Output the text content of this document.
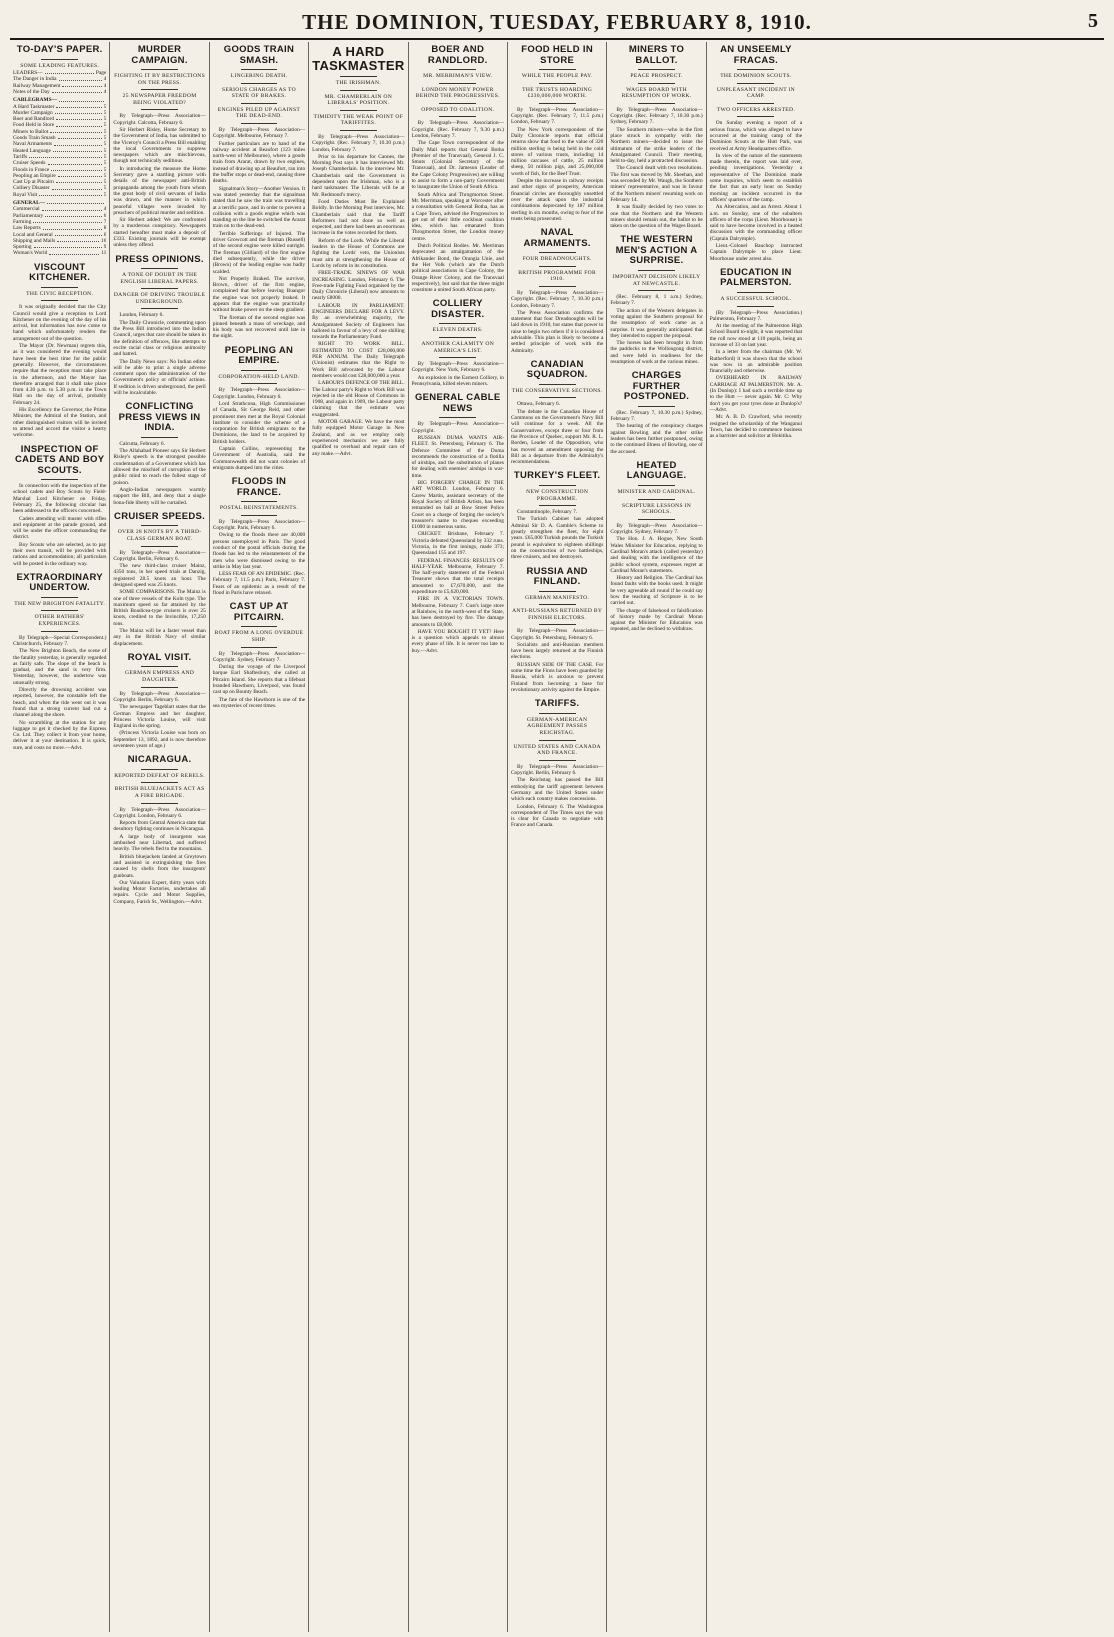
THE DOMINION, TUESDAY, FEBRUARY 8, 1910.	5
TO-DAY'S PAPER.
SOME LEADING FEATURES.
LEADERS—	Page
The Danger in India	4
Railway Management	4
Notes of the Day	4
CABLEGRAMS—
A Hard Taskmaster	5
Murder Campaign	5
Boer and Randlord	5
Food Held in Store	5
Miners to Ballot	5
Goods Train Smash	5
Naval Armaments	5
Heated Language	5
Tariffs	5
Cruiser Speeds	5
Floods in France	5
Peopling an Empire	5
Cast Up at Pitcairn	5
Colliery Disaster	5
Royal Visit	5
GENERAL—
Commercial	4
Parliamentary	6
Farming	7
Law Reports	8
Local and General	6
Shipping and Mails	10
Sporting	9
Woman's World	11
VISCOUNT KITCHENER.
THE CIVIC RECEPTION.

It was originally decided that the City Council would give a reception to Lord Kitchener on the evening of the day of his arrival, but information has now come to hand which unfortunately renders the arrangement out of the question.

The Mayor (Dr. Newman) regrets this, as it was considered the evening would have been the best time for the public generally. However, the circumstances require that the reception must take place in the afternoon, and the Mayor has therefore arranged that it shall take place from 4.30 p.m. to 5.30 p.m. in the Town Hall on the day of arrival, probably February 24.

His Excellency the Governor, the Prime Minister, the Admiral of the Station, and other distinguished visitors will be invited to attend and accord the visitor a hearty welcome.

INSPECTION OF CADETS AND BOY SCOUTS.

In connection with the inspection of the school cadets and Boy Scouts by Field-Marshal Lord Kitchener on Friday, February 25, the following circular has been addressed to the officers concerned.

Cadets attending will muster with rifles and equipment at the parade ground, and will be under the officer commanding the district.

Boy Scouts who are selected, as to pay their own transit, will be provided with rations and accommodation; all particulars will be posted in the ordinary way.

EXTRAORDINARY UNDERTOW.
THE NEW BRIGHTON FATALITY.
OTHER BATHERS' EXPERIENCES.

By Telegraph—Special Correspondent.) Christchurch, February 7.

The New Brighton Beach, the scene of the fatality yesterday, is generally regarded as fairly safe. The slope of the beach is gradual, and the sand is very firm. Yesterday, however, the undertow was unusually strong.

Directly the drowning accident was reported, however, the constable left the beach, and when the tide went out it was found that a strong current had cut a channel along the shore.

No scrambling at the station for any luggage to get it checked by the Express Co. Ltd. They collect it from your home, deliver it at your destination. It is quick, sure, and costs no more.—Advt.

MURDER CAMPAIGN.
FIGHTING IT BY RESTRICTIONS ON THE PRESS.
25 NEWSPAPER FREEDOM BEING VIOLATED?

By Telegraph—Press Association—Copyright. Calcutta, February 6.

Sir Herbert Risley, Home Secretary to the Government of India, has submitted to the Viceroy's Council a Press Bill enabling the local Governments to suppress newspapers which are mischievous, though not technically seditious.

In introducing the measure the Home Secretary gave a startling picture with details of the newspaper anti-British propaganda among the youth from whom the great body of civil servants of India was drawn, and the manner in which peaceful villages were invaded by preachers of political murder and sedition.

Sir Herbert added: We are confronted by a murderous conspiracy. Newspapers started hereafter must make a deposit of £333. Existing journals will be exempt unless they offend.

PRESS OPINIONS.
A TONE OF DOUBT IN THE ENGLISH LIBERAL PAPERS.
DANGER OF DRIVING TROUBLE UNDERGROUND.

London, February 6.

The Daily Chronicle, commenting upon the Press Bill introduced into the Indian Council, urges that care should be taken in the definition of offences, like attempts to excite racial class or religious animosity and hatred.

The Daily News says: No Indian editor will be able to print a single adverse comment upon the administration of the Government's policy or officials' actions. If sedition is driven underground, the peril will be incalculable.

CONFLICTING PRESS VIEWS IN INDIA.

Calcutta, February 6.

The Allahabad Pioneer says Sir Herbert Risley's speech is the strongest possible condemnation of a Government which has allowed the mischief of corruption of the public mind to reach the fullest stage of poison.

Anglo-Indian newspapers warmly support the Bill, and deny that a single bona-fide liberty will be curtailed.

CRUISER SPEEDS.
OVER 28 KNOTS BY A THIRD-CLASS GERMAN BOAT.

By Telegraph—Press Association—Copyright. Berlin, February 6.

The new third-class cruiser Mainz, 4350 tons, in her speed trials at Danzig, registered 28.5 knots an hour. The designed speed was 25 knots.

SOME COMPARISONS. The Mainz is one of three vessels of the Koln type. The maximum speed so far attained by the British Boadicea-type cruisers is over 25 knots, credited to the Invincible, 17,250 tons.

The Mainz will be a faster vessel than any in the British Navy of similar displacement.

ROYAL VISIT.
GERMAN EMPRESS AND DAUGHTER.

By Telegraph—Press Association—Copyright. Berlin, February 6.

The newspaper Tageblatt states that the German Empress and her daughter, Princess Victoria Louise, will visit England in the spring.

(Princess Victoria Louise was born on September 13, 1892, and is now therefore seventeen years of age.)

NICARAGUA.
REPORTED DEFEAT OF REBELS.
BRITISH BLUEJACKETS ACT AS A FIRE BRIGADE.

By Telegraph—Press Association—Copyright. London, February 6.

Reports from Central America state that desultory fighting continues in Nicaragua.

A large body of insurgents was ambushed near Libertad, and suffered heavily. The rebels fled to the mountains.

British bluejackets landed at Greytown and assisted in extinguishing the fires caused by shells from the insurgents' gunboats.

Our Valuation Expert, thirty years with leading Motor Factories, undertakes all repairs. Cycle and Motor Supplies, Company, Farish St., Wellington.—Advt.

GOODS TRAIN SMASH.
LINGERING DEATH.
SERIOUS CHARGES AS TO STATE OF BRAKES.
ENGINES PILED UP AGAINST THE DEAD-END.

By Telegraph—Press Association—Copyright. Melbourne, February 7.

Further particulars are to hand of the railway accident at Beaufort (123 miles north-west of Melbourne), where a goods train from Ararat, drawn by two engines, instead of drawing up at Beaufort, ran into the buffer stops or dead-end, causing three deaths.

Signalman's Story—Another Version. It was stated yesterday that the signalman stated that he saw the train was travelling at a terrific pace, and in order to prevent a collision with a goods engine which was standing on the line he switched the Ararat train on to the dead-end.

Terrible Sufferings of Injured. The driver Growcott and the fireman (Russell) of the second engine were killed outright. The fireman (Gilliard) of the first engine died subsequently, while the driver (Brown) of the leading engine was badly scalded.

Not Properly Braked. The survivor, Brown, driver of the first engine, complained that before leaving Buangor the engine was not properly braked. It appears that the engine was practically without brake power on the steep gradient.

The fireman of the second engine was pinned beneath a mass of wreckage, and his body was not recovered until late in the night.

PEOPLING AN EMPIRE.
CORPORATION-HELD LAND.

By Telegraph—Press Association—Copyright. London, February 6.

Lord Strathcona, High Commissioner of Canada, Sir George Reid, and other prominent men met at the Royal Colonial Institute to consider the scheme of a corporation for British emigrants to the Dominions, the land to be acquired by British holders.

Captain Collins, representing the Government of Australia, said the Commonwealth did not want colonies of emigrants dumped into the cities.

FLOODS IN FRANCE.
POSTAL REINSTATEMENTS.

By Telegraph—Press Association—Copyright. Paris, February 6.

Owing to the floods there are 40,000 persons unemployed in Paris. The good conduct of the postal officials during the floods has led to the reinstatement of the men who were dismissed owing to the strike in May last year.

LESS FEAR OF AN EPIDEMIC. (Rec. February 7, 11.5 p.m.) Paris, February 7. Fears of an epidemic as a result of the flood in Paris have relaxed.

CAST UP AT PITCAIRN.
BOAT FROM A LONG OVERDUE SHIP.

By Telegraph—Press Association—Copyright. Sydney, February 7.

During the voyage of the Liverpool barque Earl Shaftesbury, she called at Pitcairn Island. She reports that a lifeboat branded Hawthorn, Liverpool, was found cast up on Bounty Beach.

The fate of the Hawthorn is one of the sea mysteries of recent times.

A HARD TASKMASTER
THE IRISHMAN.
MR. CHAMBERLAIN ON LIBERALS' POSITION.
TIMIDITY THE WEAK POINT OF TARIFFITES.

By Telegraph—Press Association—Copyright. (Rec. February 7, 10.30 p.m.) London, February 7.

Prior to his departure for Cannes, the Morning Post says it has interviewed Mr. Joseph Chamberlain. In the interview Mr. Chamberlain said the Government is dependent upon the Irishman, who is a hard taskmaster. The Liberals will be at Mr. Redmond's mercy.

Food Duties Must Be Explained Boldly. In the Morning Post interview, Mr. Chamberlain said that the Tariff Reformers had not done so well as expected, and there had been an enormous increase in the votes recorded for them.

Reform of the Lords. While the Liberal leaders in the House of Commons are fighting the Lords' veto, the Unionists must aim at strengthening the House of Lords by reform in its constitution.

FREE-TRADE. SINEWS OF WAR INCREASING. London, February 6. The Free-trade Fighting Fund organised by the Daily Chronicle (Liberal) now amounts to nearly £8000.

LABOUR IN PARLIAMENT. ENGINEERS DECLARE FOR A LEVY. By an overwhelming majority, the Amalgamated Society of Engineers has balloted in favour of a levy of one shilling towards the Parliamentary Fund.

RIGHT TO WORK BILL. ESTIMATED TO COST £28,000,000 PER ANNUM. The Daily Telegraph (Unionist) estimates that the Right to Work Bill advocated by the Labour members would cost £28,000,000 a year.

LABOUR'S DEFENCE OF THE BILL. The Labour party's Right to Work Bill was rejected in the old House of Commons in 1908, and again in 1909, the Labour party claiming that the estimate was exaggerated.

MOTOR GARAGE. We have the most fully equipped Motor Garage in New Zealand, and as we employ only experienced mechanics we are fully qualified to overhaul and repair cars of any make.—Advt.

BOER AND RANDLORD.
MR. MERRIMAN'S VIEW.
LONDON MONEY POWER BEHIND THE PROGRESSIVES.
OPPOSED TO COALITION.

By Telegraph—Press Association—Copyright. (Rec. February 7, 9.30 p.m.) London, February 7.

The Cape Town correspondent of the Daily Mail reports that General Botha (Premier of the Transvaal), General J. C. Smuts (Colonial Secretary of the Transvaal), and Dr. Jameson (Leader of the Cape Colony Progressives) are willing to assist to form a non-party Government to inaugurate the Union of South Africa.

South Africa and Throgmorton Street. Mr. Merriman, speaking at Worcester after a consultation with General Botha, has as a Cape Town, advised the Progressives to get out of their little cockboat coalition idea, which has emanated from Throgmorton Street, the London money centre.

Dutch Political Bodies. Mr. Merriman deprecated an amalgamation of the Afrikander Bond, the Orangia Unie, and the Het Volk (which are the Dutch political associations in Cape Colony, the Orange River Colony, and the Transvaal respectively), but said that the three might constitute a united South African party.

COLLIERY DISASTER.
ELEVEN DEATHS.
ANOTHER CALAMITY ON AMERICA'S LIST.

By Telegraph—Press Association—Copyright. New York, February 6.

An explosion in the Earnest Colliery, in Pennsylvania, killed eleven miners.

GENERAL CABLE NEWS

By Telegraph—Press Association—Copyright.

RUSSIAN DUMA WANTS AIR-FLEET. St. Petersburg, February 6. The Defence Committee of the Duma recommends the construction of a flotilla of airships, and the substitution of planes for dealing with enemies' airships in war-time.

BIG FORGERY CHARGE IN THE ART WORLD. London, February 6. Carew Martin, assistant secretary of the Royal Society of British Artists, has been remanded on bail at Bow Street Police Court on a charge of forging the society's treasurer's name to cheques exceeding £1000 in numerous sums.

CRICKET. Brisbane, February 7. Victoria defeated Queensland by 332 runs. Victoria, in the first innings, made 373; Queensland 155 and 197.

FEDERAL FINANCES: RESULTS OF HALF-YEAR. Melbourne, February 7. The half-yearly statement of the Federal Treasurer shows that the total receipts amounted to £7,670,000, and the expenditure to £5,620,000.

FIRE IN A VICTORIAN TOWN. Melbourne, February 7. Cust's large store at Rainbow, in the north-west of the State, has been destroyed by fire. The damage amounts to £8,000.

HAVE YOU BOUGHT IT YET? Here is a question which appeals to almost every phase of life. It is never too late to buy.—Advt.

FOOD HELD IN STORE
WHILE THE PEOPLE PAY.
THE TRUSTS HOARDING £230,000,000 WORTH.

By Telegraph—Press Association—Copyright. (Rec. February 7, 11.5 p.m.) London, February 7.

The New York correspondent of the Daily Chronicle reports that official returns show that food to the value of 320 million sterling is being held in the cold stores of various trusts, including 14 million carcases of cattle, 25 million sheep, 50 million pigs, and 25,000,000 worth of fish, for the Beef Trust.

Despite the increase in railway receipts and other signs of prosperity, American financial circles are thoroughly unsettled over the attack upon the industrial combinations deprecated by 187 million sterling in six months, owing to fear of the trusts being prosecuted.

NAVAL ARMAMENTS.
FOUR DREADNOUGHTS.
BRITISH PROGRAMME FOR 1910.

By Telegraph—Press Association—Copyright. (Rec. February 7, 10.30 p.m.) London, February 7.

The Press Association confirms the statement that four Dreadnoughts will be laid down in 1910, but states that power to raise to begin two others if it is considered advisable. This plan is likely to become a settled principle of work with the Admiralty.

CANADIAN SQUADRON.
THE CONSERVATIVE SECTIONS.

Ottawa, February 6.

The debate in the Canadian House of Commons on the Government's Navy Bill will continue for a week. All the Conservatives, except three or four from the Province of Quebec, support Mr. R. L. Borden, Leader of the Opposition, who has moved an amendment opposing the Bill as a departure from the Admiralty's recommendations.

TURKEY'S FLEET.
NEW CONSTRUCTION PROGRAMME.

Constantinople, February 7.

The Turkish Cabinet has adopted Admiral Sir D. A. Gamble's Scheme to greatly strengthen the fleet, for eight years. £65,000 Turkish pounds the Turkish pound is equivalent to eighteen shillings on the construction of two battleships, three cruisers, and ten destroyers.

RUSSIA AND FINLAND.
GERMAN MANIFESTO.
ANTI-RUSSIANS RETURNED BY FINNISH ELECTORS.

By Telegraph—Press Association—Copyright. St. Petersburg, February 6.

Socialists and anti-Russian members have been largely returned at the Finnish elections.

RUSSIAN SIDE OF THE CASE. For some time the Finns have been guarded by Russia, which is anxious to prevent Finland from becoming a base for revolutionary activity against the Empire.

TARIFFS.
GERMAN-AMERICAN AGREEMENT PASSES REICHSTAG.
UNITED STATES AND CANADA AND FRANCE.

By Telegraph—Press Association—Copyright. Berlin, February 6.

The Reichstag has passed the Bill embodying the tariff agreement between Germany and the United States under which each country makes concessions.

London, February 6. The Washington correspondent of The Times says the way is clear for Canada to negotiate with France and Canada.

MINERS TO BALLOT.
PEACE PROSPECT.
WAGES BOARD WITH RESUMPTION OF WORK.

By Telegraph—Press Association—Copyright. (Rec. February 7, 10.30 p.m.) Sydney, February 7.

The Southern miners—who in the first place struck in sympathy with the Northern miners—decided to issue the ultimatum of the strike leaders of the Amalgamated Council. Their meeting, held to-day, held a protracted discussion.

The Council dealt with two resolutions. The first was moved by Mr. Sheehan, and was seconded by Mr. Waugh, the Southern miners' representative, and was in favour of the Northern miners' resuming work on February 14.

It was finally decided by two votes to one that the Northern and the Western miners should remain out, the ballot to be taken on the question of the Wages Board.

THE WESTERN MEN'S ACTION A SURPRISE.
IMPORTANT DECISION LIKELY AT NEWCASTLE.

(Rec. February 8, 1 a.m.) Sydney, February 7.

The action of the Western delegates in voting against the Southern proposal for the resumption of work came as a surprise. It was generally anticipated that they intended to support the proposal.

The horses had been brought in from the paddocks to the Wollongong district, and were held in readiness for the resumption of work at the various mines.

CHARGES FURTHER POSTPONED.

(Rec. February 7, 10.30 p.m.) Sydney, February 7.

The hearing of the conspiracy charges against Bowling and the other strike leaders has been further postponed, owing to the continued illness of Bowling, one of the accused.

HEATED LANGUAGE.
MINISTER AND CARDINAL.
SCRIPTURE LESSONS IN SCHOOLS.

By Telegraph—Press Association—Copyright. Sydney, February 7.

The Hon. J. A. Hogue, New South Wales Minister for Education, replying to Cardinal Moran's attack (called yesterday) and dealing with the intelligence of the public school system, expresses regret at Cardinal Moran's statements.

History and Religion. The Cardinal has found faults with the books used. It might be very agreeable all round if he could say how the teaching of Scripture is to be carried out.

The charge of falsehood or falsification of history made by Cardinal Moran against the Minister for Education was repeated, and he declined to withdraw.

AN UNSEEMLY FRACAS.
THE DOMINION SCOUTS.
UNPLEASANT INCIDENT IN CAMP.
TWO OFFICERS ARRESTED.

On Sunday evening a report of a serious fracas, which was alleged to have occurred at the training camp of the Dominion Scouts at the Hutt Park, was received at Army Headquarters office.

In view of the nature of the statements made therein, the report was laid over, pending investigations. Yesterday a representative of The Dominion made some inquiries, which seem to establish the fact that an early hour on Sunday morning an incident occurred in the officers' quarters of the camp.

An Altercation, and an Arrest. About 1 a.m. on Sunday, one of the subaltern officers of the corps (Lieut. Moorhouse) is said to have become involved in a heated discussion with the commanding officer (Captain Dalrymple).

Lieut.-Colonel Bauchop instructed Captain Dalrymple to place Lieut. Moorhouse under arrest also.

EDUCATION IN PALMERSTON.
A SUCCESSFUL SCHOOL.

(By Telegraph—Press Association.) Palmerston, February 7.

At the meeting of the Palmerston High School Board to-night, it was reported that the roll now stood at 110 pupils, being an increase of 33 on last year.

In a letter from the chairman (Mr. W. Rutherford) it was shown that the school was now in an admirable position financially and otherwise.

OVERHEARD IN RAILWAY CARRIAGE AT PALMERSTON. Mr. A. (In Dunlop): I had such a terrible time up to the Hutt — never again. Mr. C: Why don't you get your tyres done at Dunlop's?—Advt.

Mr. A. B. D. Crawford, who recently resigned the scholarship of the Wanganui Town, has decided to commence business as a barrister and solicitor at Hokitika.
